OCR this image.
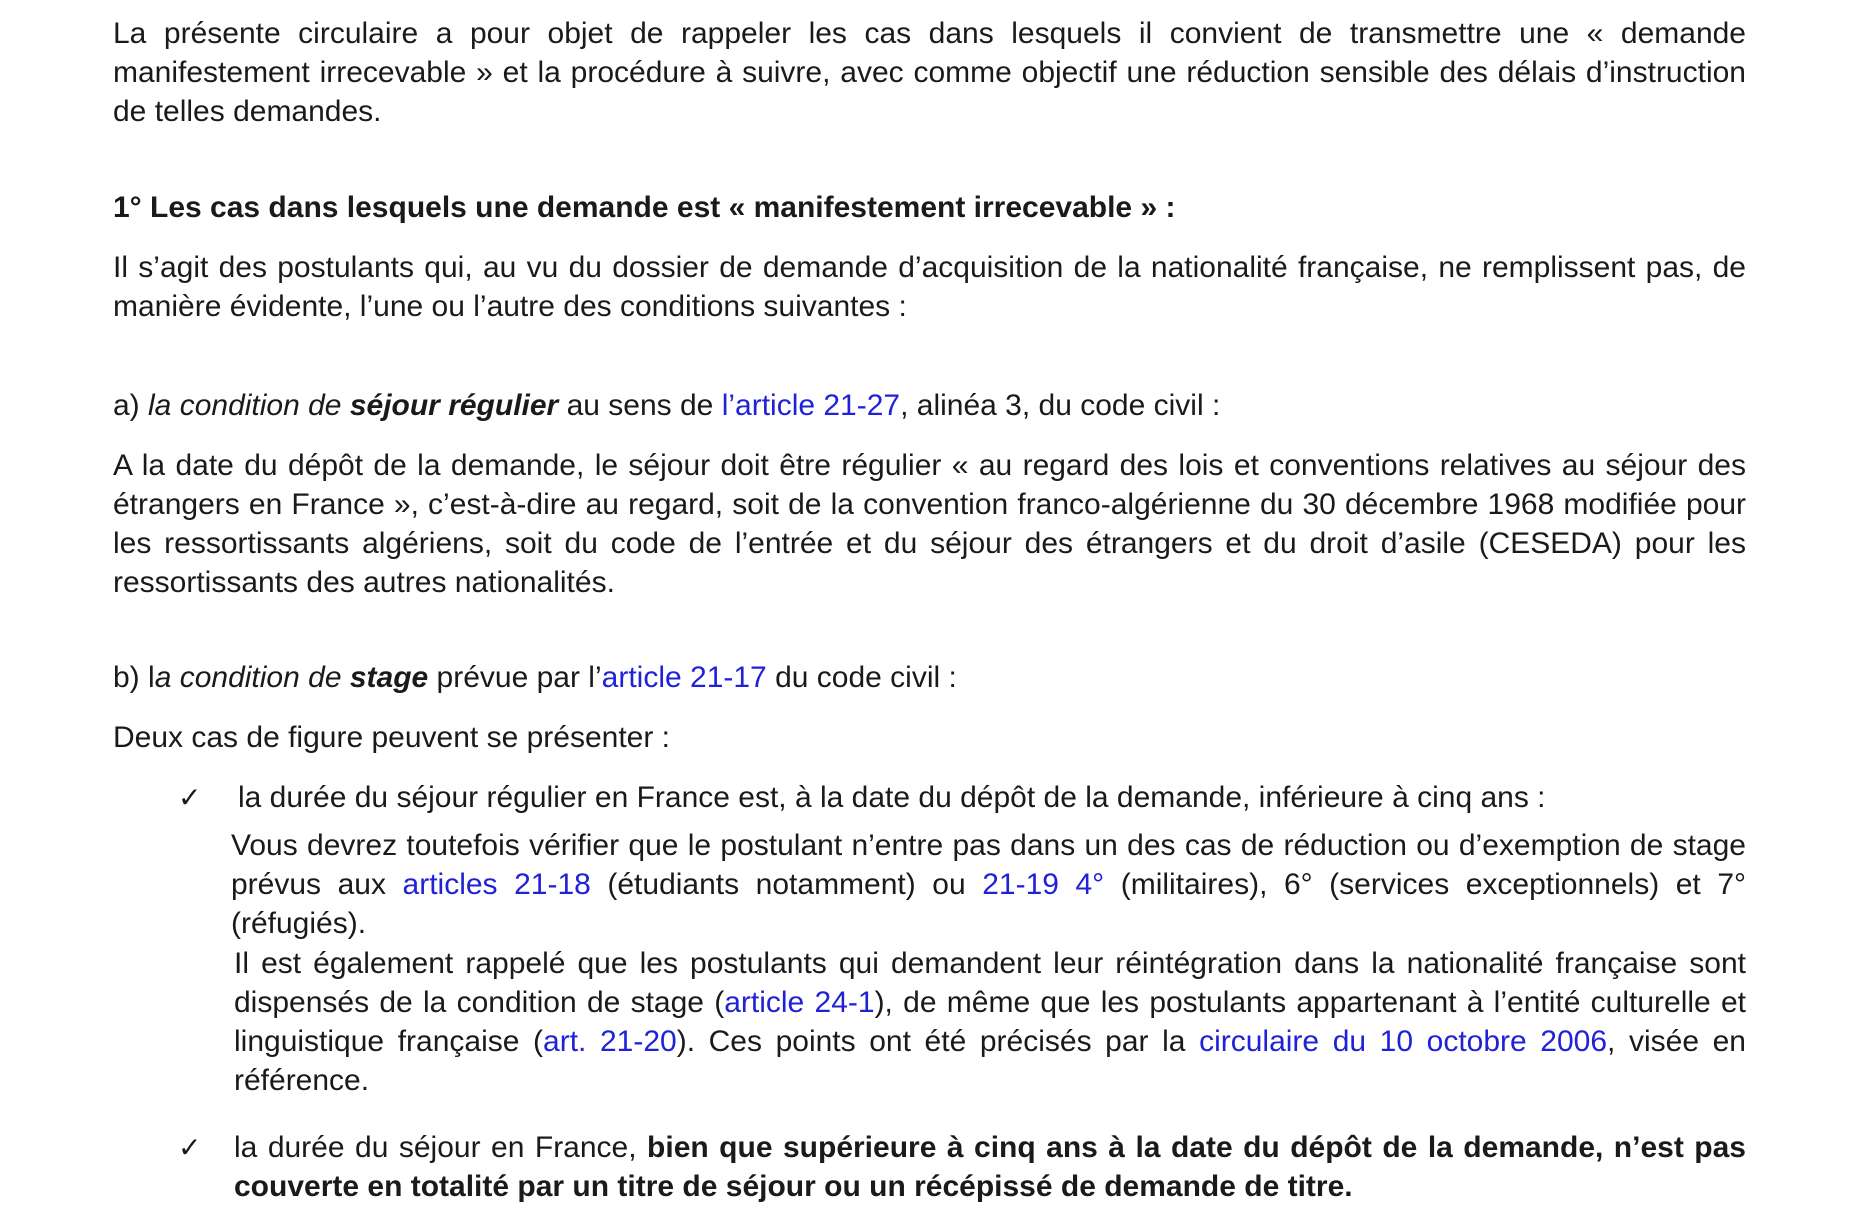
La présente circulaire a pour objet de rappeler les cas dans lesquels il convient de transmettre une « demande manifestement irrecevable » et la procédure à suivre, avec comme objectif une réduction sensible des délais d’instruction de telles demandes.

1° Les cas dans lesquels une demande est « manifestement irrecevable » :

Il s’agit des postulants qui, au vu du dossier de demande d’acquisition de la nationalité française, ne remplissent pas, de manière évidente, l’une ou l’autre des conditions suivantes :

a) la condition de séjour régulier au sens de l’article 21-27, alinéa 3, du code civil :

A la date du dépôt de la demande, le séjour doit être régulier « au regard des lois et conventions relatives au séjour des étrangers en France », c’est-à-dire au regard, soit de la convention franco-algérienne du 30 décembre 1968 modifiée pour les ressortissants algériens, soit du code de l’entrée et du séjour des étrangers et du droit d’asile (CESEDA) pour les ressortissants des autres nationalités.

b) la condition de stage prévue par l’article 21-17 du code civil :

Deux cas de figure peuvent se présenter :

✓ la durée du séjour régulier en France est, à la date du dépôt de la demande, inférieure à cinq ans :

Vous devrez toutefois vérifier que le postulant n’entre pas dans un des cas de réduction ou d’exemption de stage prévus aux articles 21-18 (étudiants notamment) ou 21-19 4° (militaires), 6° (services exceptionnels) et 7° (réfugiés).

Il est également rappelé que les postulants qui demandent leur réintégration dans la nationalité française sont dispensés de la condition de stage (article 24-1), de même que les postulants appartenant à l’entité culturelle et linguistique française (art. 21-20). Ces points ont été précisés par la circulaire du 10 octobre 2006, visée en référence.

✓ la durée du séjour en France, bien que supérieure à cinq ans à la date du dépôt de la demande, n’est pas couverte en totalité par un titre de séjour ou un récépissé de demande de titre.
